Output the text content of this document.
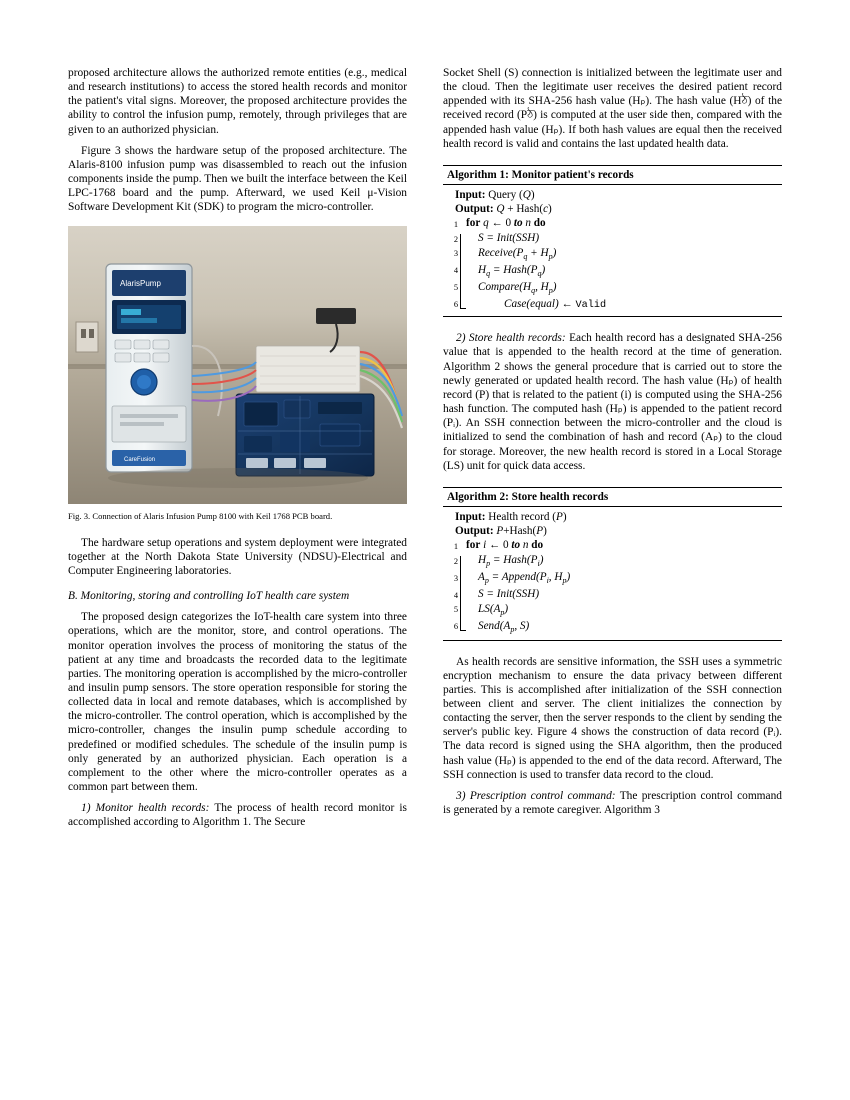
proposed architecture allows the authorized remote entities (e.g., medical and research institutions) to access the stored health records and monitor the patient's vital signs. Moreover, the proposed architecture provides the ability to control the infusion pump, remotely, through privileges that are given to an authorized physician.

Figure 3 shows the hardware setup of the proposed architecture. The Alaris-8100 infusion pump was disassembled to reach out the infusion components inside the pump. Then we built the interface between the Keil LPC-1768 board and the pump. Afterward, we used Keil μ-Vision Software Development Kit (SDK) to program the micro-controller.

AlarisPump
CareFusion
Fig. 3. Connection of Alaris Infusion Pump 8100 with Keil 1768 PCB board.

The hardware setup operations and system deployment were integrated together at the North Dakota State University (NDSU)-Electrical and Computer Engineering laboratories.

B. Monitoring, storing and controlling IoT health care system

The proposed design categorizes the IoT-health care system into three operations, which are the monitor, store, and control operations. The monitor operation involves the process of monitoring the status of the patient at any time and broadcasts the recorded data to the legitimate parties. The monitoring operation is accomplished by the micro-controller and insulin pump sensors. The store operation responsible for storing the collected data in local and remote databases, which is accomplished by the micro-controller. The control operation, which is accomplished by the micro-controller, changes the insulin pump schedule according to predefined or modified schedules. The schedule of the insulin pump is only generated by an authorized physician. Each operation is a complement to the other where the micro-controller operates as a common part between them.

1) Monitor health records: The process of health record monitor is accomplished according to Algorithm 1. The Secure

Socket Shell (S) connection is initialized between the legitimate user and the cloud. Then the legitimate user receives the desired patient record appended with its SHA-256 hash value (Hₚ). The hash value (Hঠ) of the received record (Pঠ) is computed at the user side then, compared with the appended hash value (Hₚ). If both hash values are equal then the received health record is valid and contains the last updated health data.

Algorithm 1: Monitor patient's records
Input: Query (Q)
Output: Q + Hash(c)
1 for q ← 0 to n do
2	S = Init(SSH)
3	$Receive(P_q + H_p)$
4	$H_q$ = $Hash(P_q)$
5	$Compare(H_q$, $H_p$)
6	Case(equal) ← Valid

2) Store health records: Each health record has a designated SHA-256 value that is appended to the health record at the time of generation. Algorithm 2 shows the general procedure that is carried out to store the newly generated or updated health record. The hash value (Hₚ) of health record (P) that is related to the patient (i) is computed using the SHA-256 hash function. The computed hash (Hₚ) is appended to the patient record (Pᵢ). An SSH connection between the micro-controller and the cloud is initialized to send the combination of hash and record (Aₚ) to the cloud for storage. Moreover, the new health record is stored in a Local Storage (LS) unit for quick data access.

Algorithm 2: Store health records
Input: Health record (P)
Output: P+Hash(P)
1 for i ← 0 to n do
2	$H_p$ = $Hash(P_i)$
3	$A_p$ = $Append(P_i$, $H_p$)
4	S = Init(SSH)
5	$LS(A_p)$
6	$Send(A_p$, S)

As health records are sensitive information, the SSH uses a symmetric encryption mechanism to ensure the data privacy between different parties. This is accomplished after initialization of the SSH connection between client and server. The client initializes the connection by contacting the server, then the server responds to the client by sending the server's public key. Figure 4 shows the construction of data record (Pᵢ). The data record is signed using the SHA algorithm, then the produced hash value (Hₚ) is appended to the end of the data record. Afterward, The SSH connection is used to transfer data record to the cloud.

3) Prescription control command: The prescription control command is generated by a remote caregiver. Algorithm 3
